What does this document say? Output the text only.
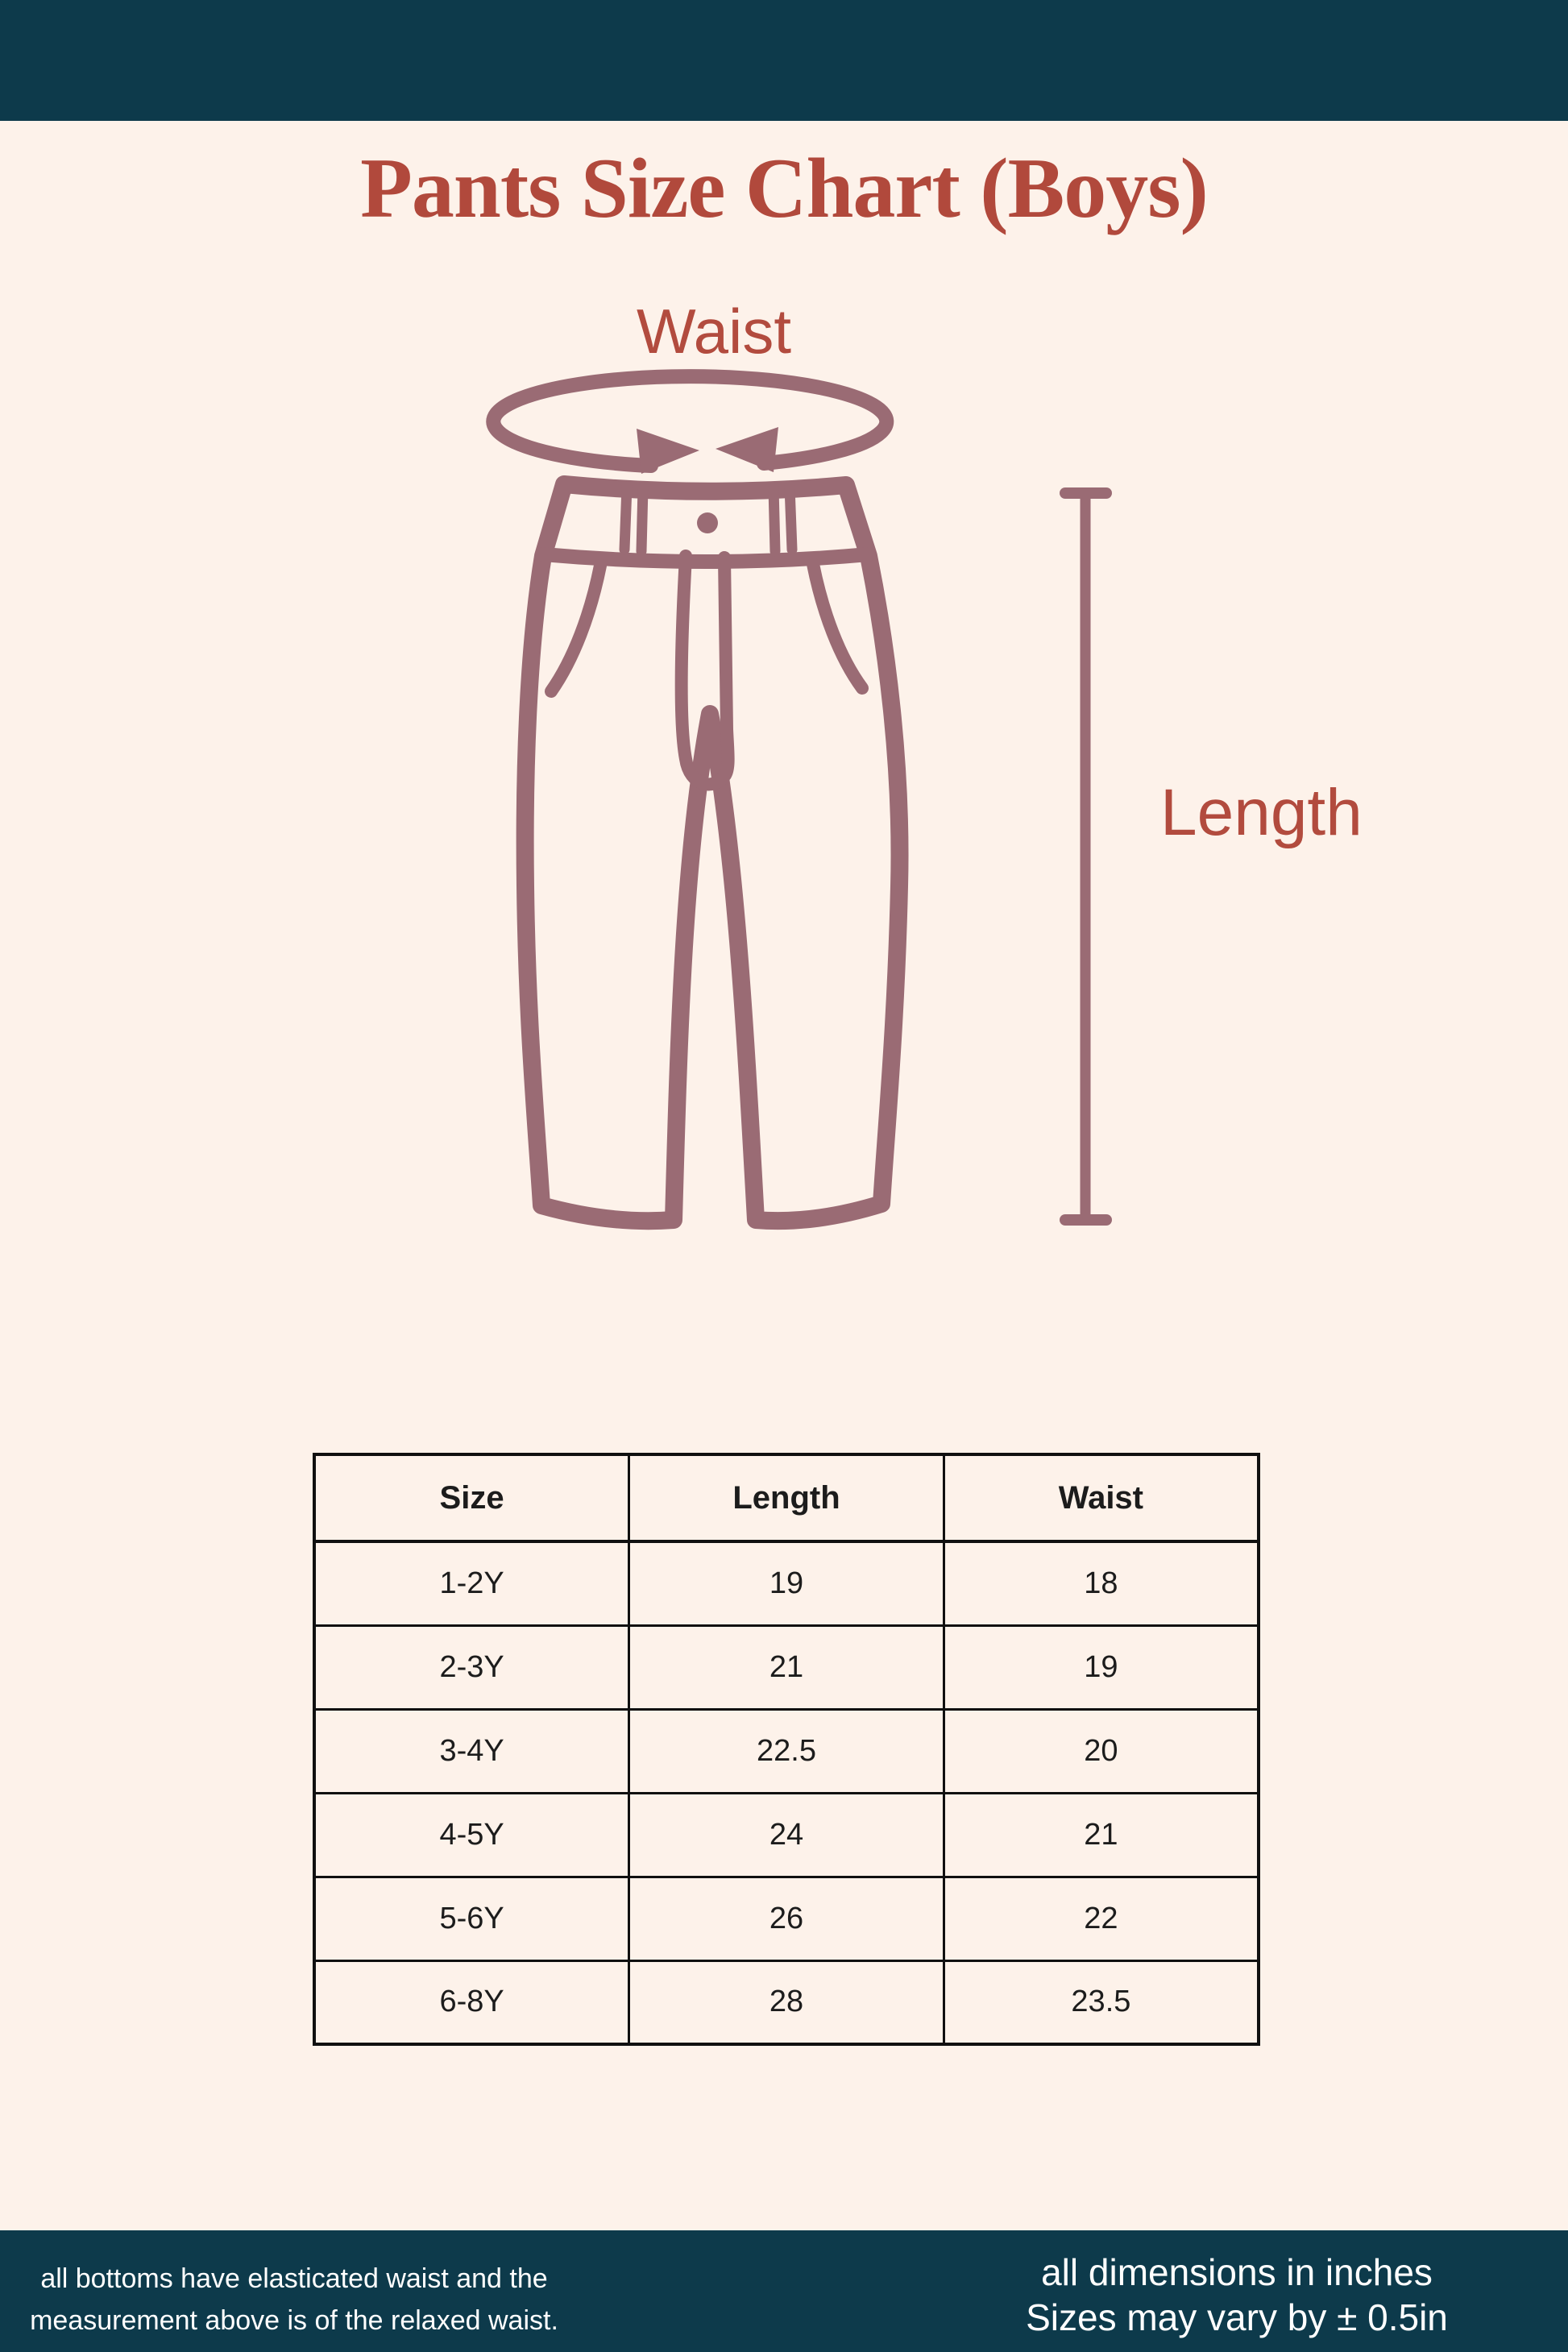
Pants Size Chart (Boys)
Waist
Length
Size	Length	Waist
1-2Y	19	18
2-3Y	21	19
3-4Y	22.5	20
4-5Y	24	21
5-6Y	26	22
6-8Y	28	23.5
all bottoms have elasticated waist and the
measurement above is of the relaxed waist.
all dimensions in inches
Sizes may vary by ± 0.5in
